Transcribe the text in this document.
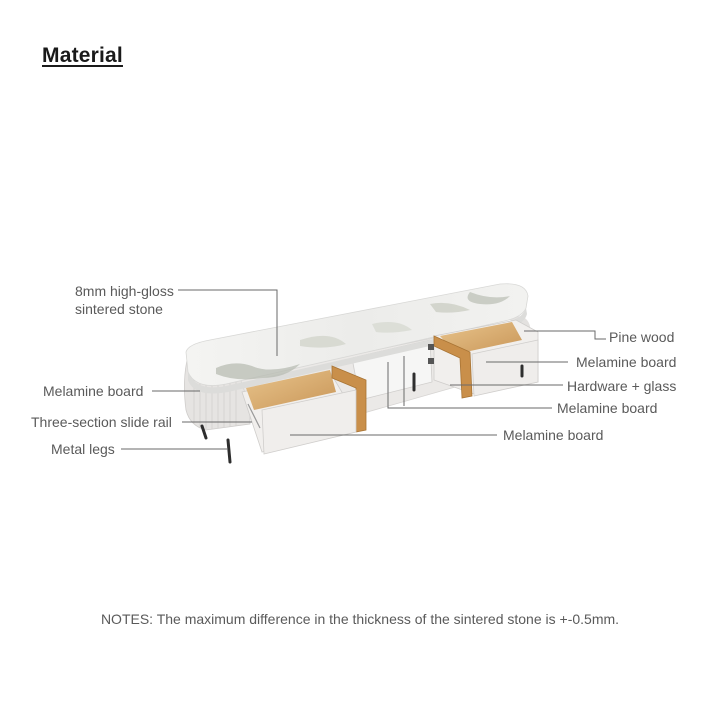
Material
8mm high-gloss
sintered stone
Melamine board
Three-section slide rail
Metal legs
Pine wood
Melamine board
Hardware + glass
Melamine board
Melamine board
NOTES: The maximum difference in the thickness of the sintered stone is +-0.5mm.
